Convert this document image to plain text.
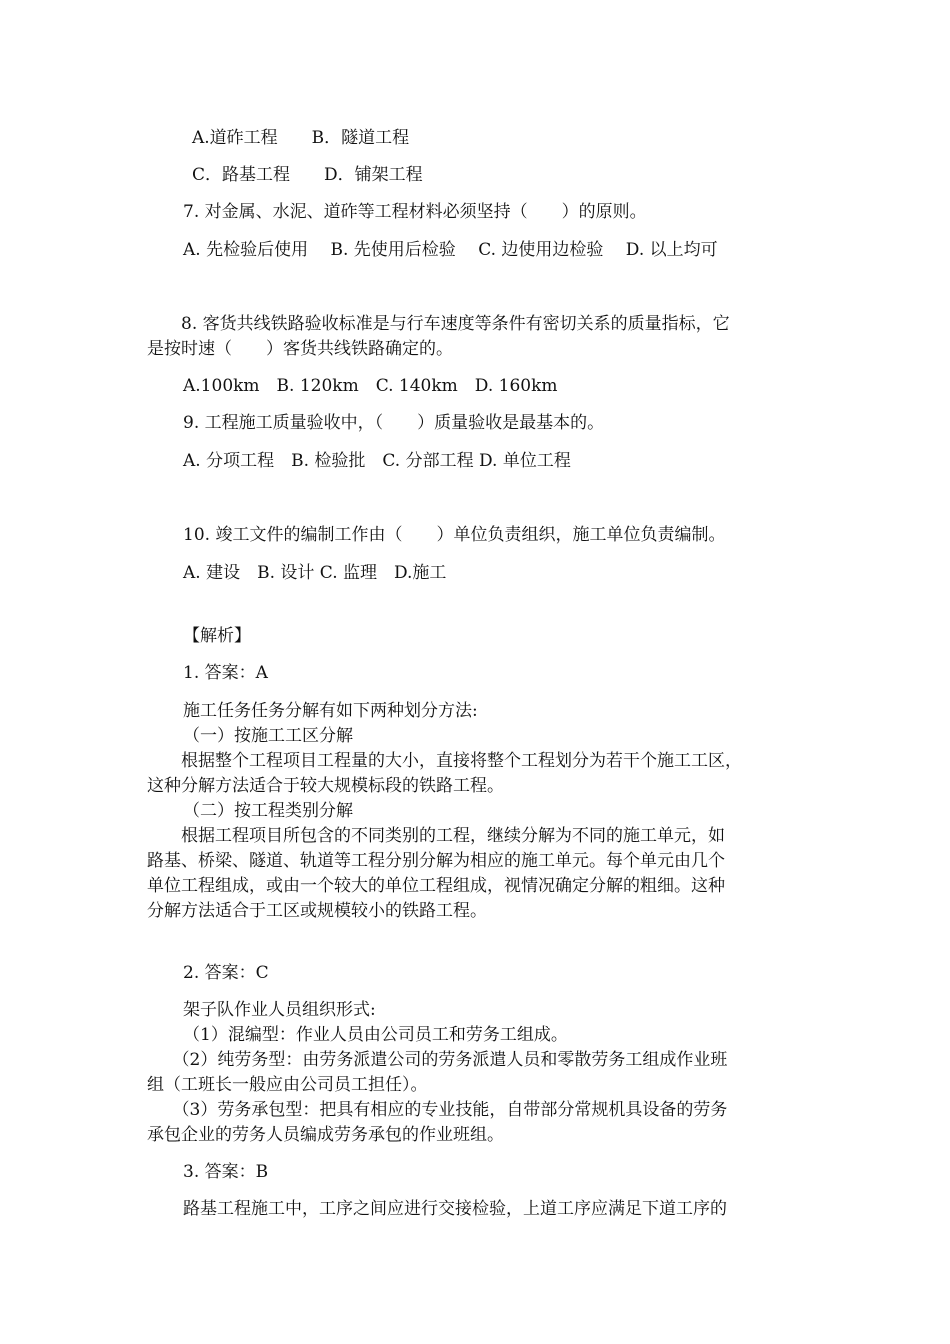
A.道砟工程　　B．隧道工程

C．路基工程　　D．铺架工程

7. 对金属、水泥、道砟等工程材料必须坚持（　　）的原则。

A. 先检验后使用　 B. 先使用后检验　 C. 边使用边检验　 D. 以上均可

　　8. 客货共线铁路验收标准是与行车速度等条件有密切关系的质量指标，它

是按时速（　　）客货共线铁路确定的。

A.100km　B. 120km　C. 140km　D. 160km

9. 工程施工质量验收中，（　　）质量验收是最基本的。

A. 分项工程　B. 检验批　C. 分部工程 D. 单位工程

10. 竣工文件的编制工作由（　　）单位负责组织，施工单位负责编制。

A. 建设　B. 设计 C. 监理　D.施工

【解析】

1. 答案：A

施工任务任务分解有如下两种划分方法:

（一）按施工工区分解

　　根据整个工程项目工程量的大小，直接将整个工程划分为若干个施工工区，

这种分解方法适合于较大规模标段的铁路工程。

（二）按工程类别分解

　　根据工程项目所包含的不同类别的工程，继续分解为不同的施工单元，如

路基、桥梁、隧道、轨道等工程分别分解为相应的施工单元。每个单元由几个

单位工程组成，或由一个较大的单位工程组成，视情况确定分解的粗细。这种

分解方法适合于工区或规模较小的铁路工程。

2. 答案：C

架子队作业人员组织形式:

（1）混编型：作业人员由公司员工和劳务工组成。

　　（2）纯劳务型：由劳务派遣公司的劳务派遣人员和零散劳务工组成作业班

组（工班长一般应由公司员工担任）。

　　（3）劳务承包型：把具有相应的专业技能，自带部分常规机具设备的劳务

承包企业的劳务人员编成劳务承包的作业班组。

3. 答案：B

路基工程施工中，工序之间应进行交接检验，上道工序应满足下道工序的
